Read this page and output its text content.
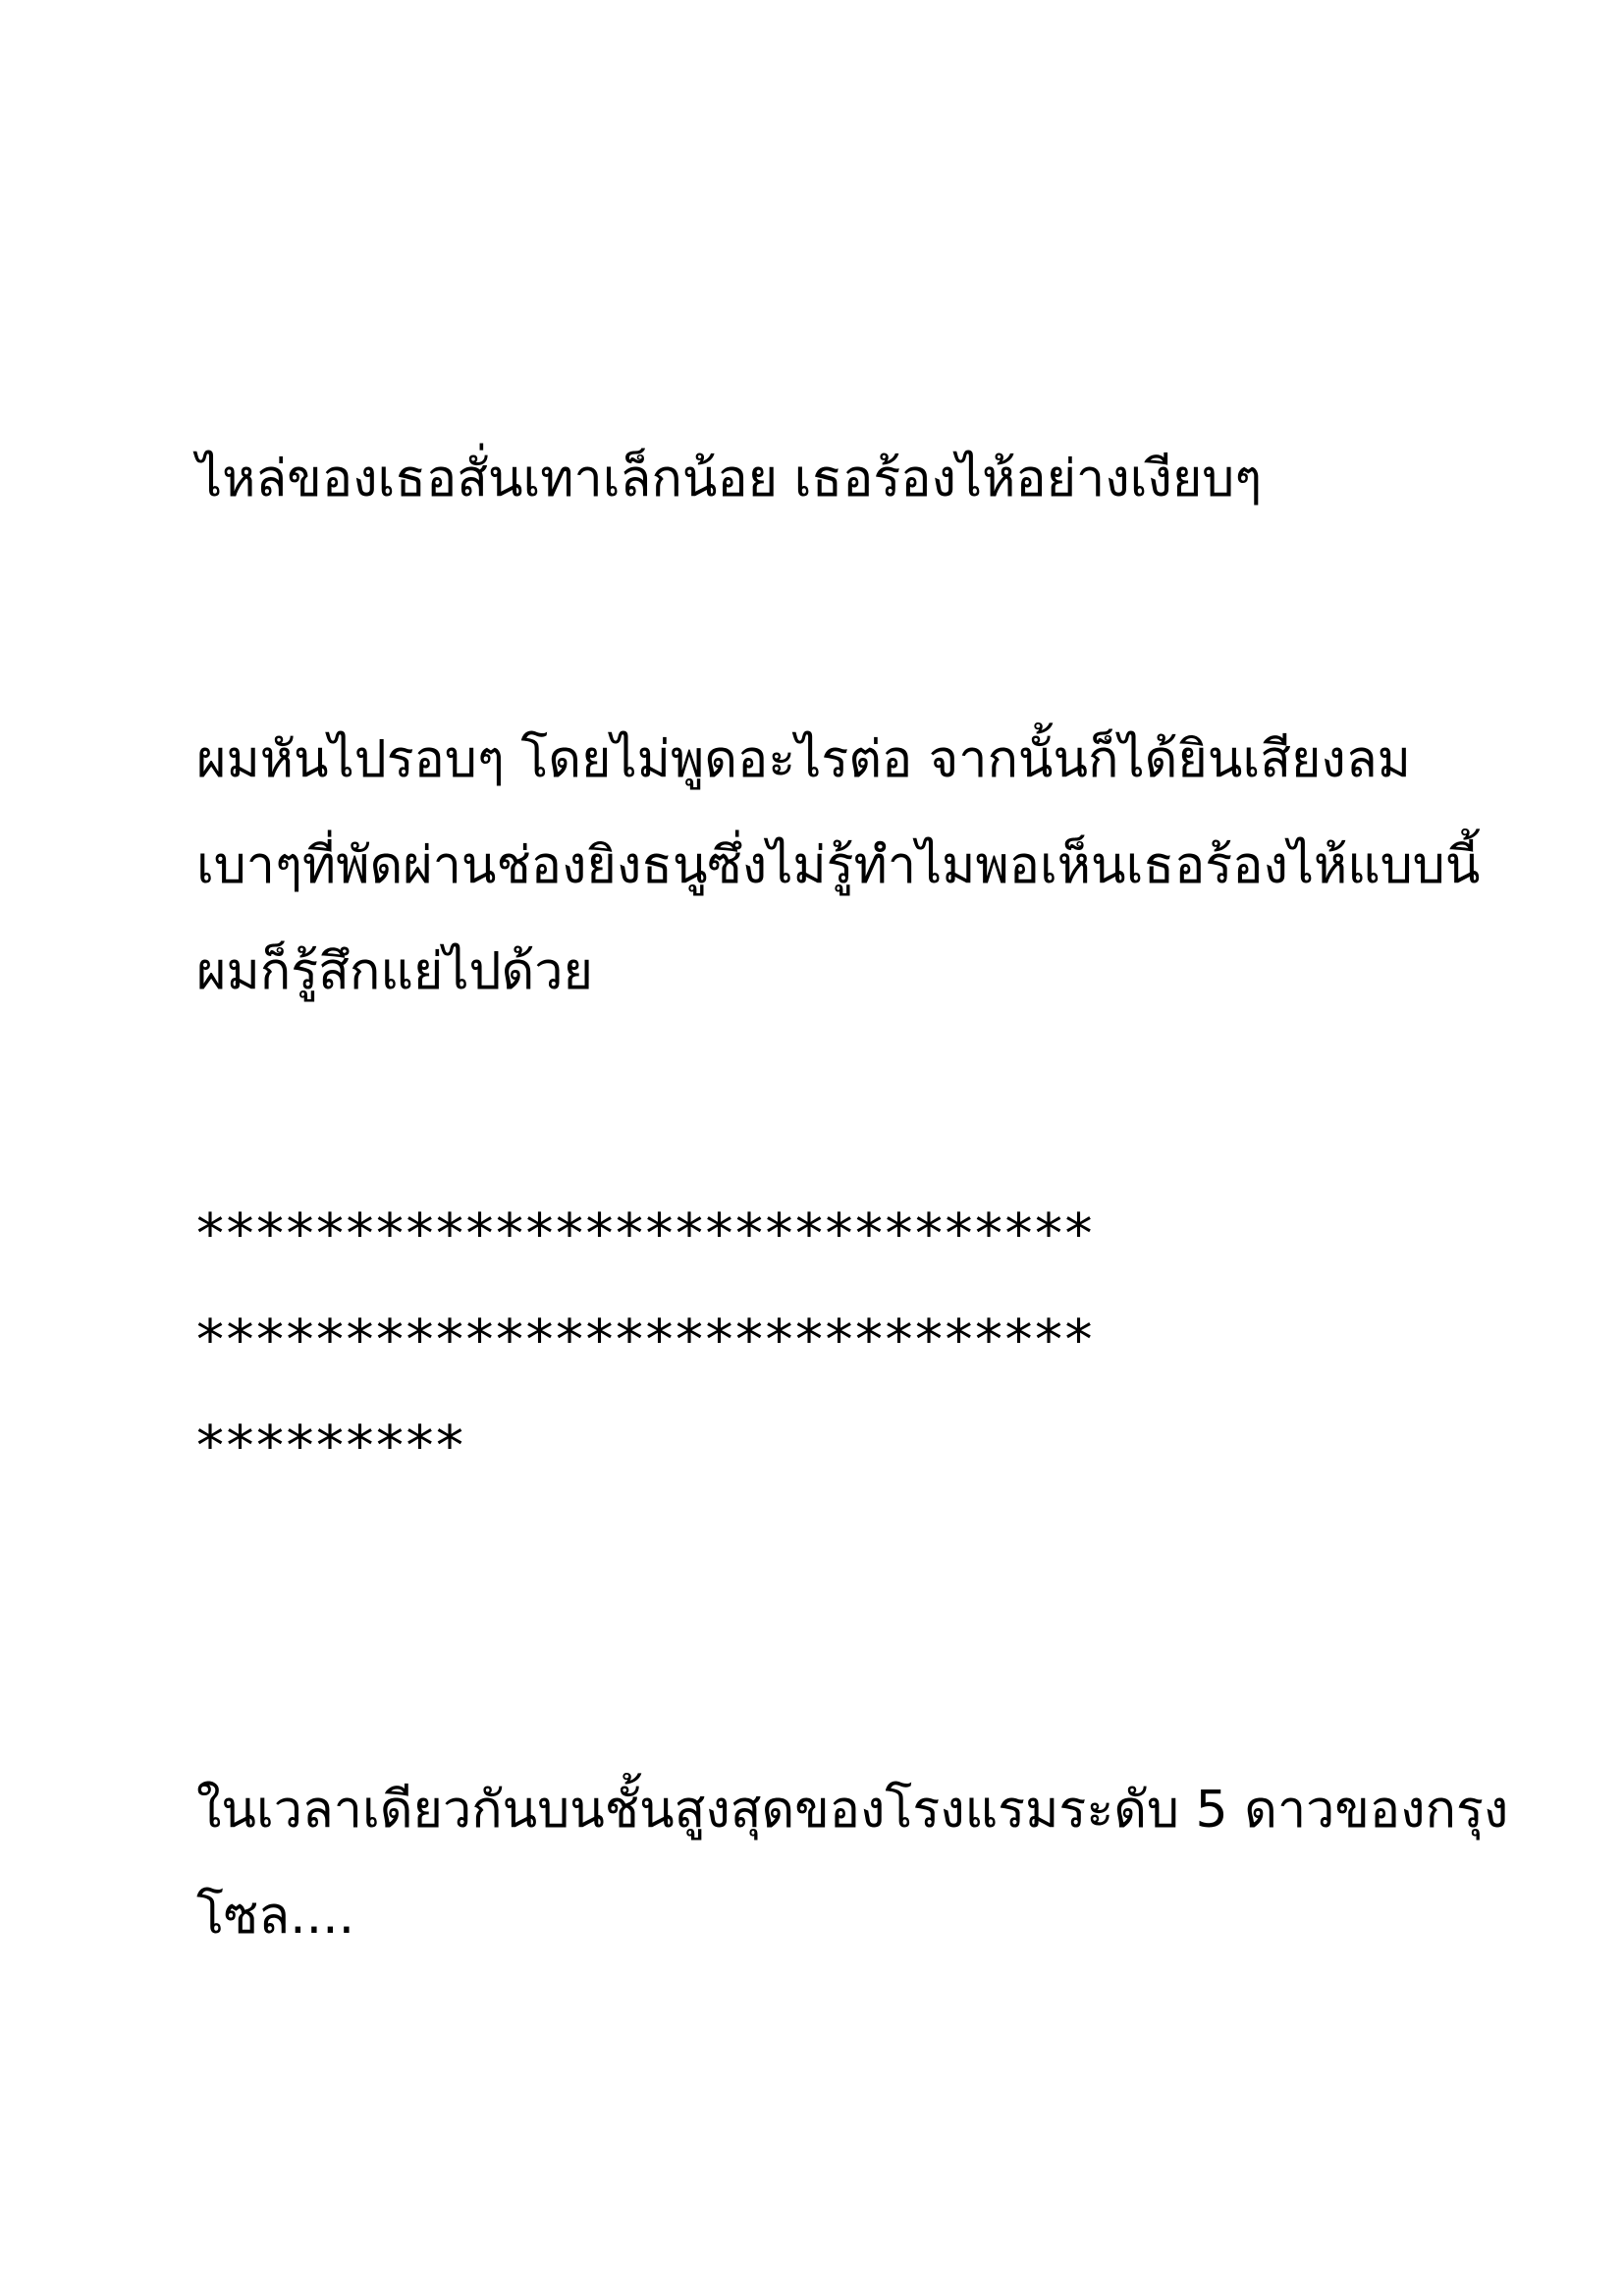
ไหล่ของเธอสั่นเทาเล็กน้อย เธอร้องไห้อย่างเงียบๆ

ผมหันไปรอบๆ โดยไม่พูดอะไรต่อ จากนั้นก็ได้ยินเสียงลม

เบาๆที่พัดผ่านช่องยิงธนูซึ่งไม่รู้ทำไมพอเห็นเธอร้องไห้แบบนี้

ผมก็รู้สึกแย่ไปด้วย

******************************

******************************

*********

ในเวลาเดียวกันบนชั้นสูงสุดของโรงแรมระดับ 5 ดาวของกรุง

โซล....
